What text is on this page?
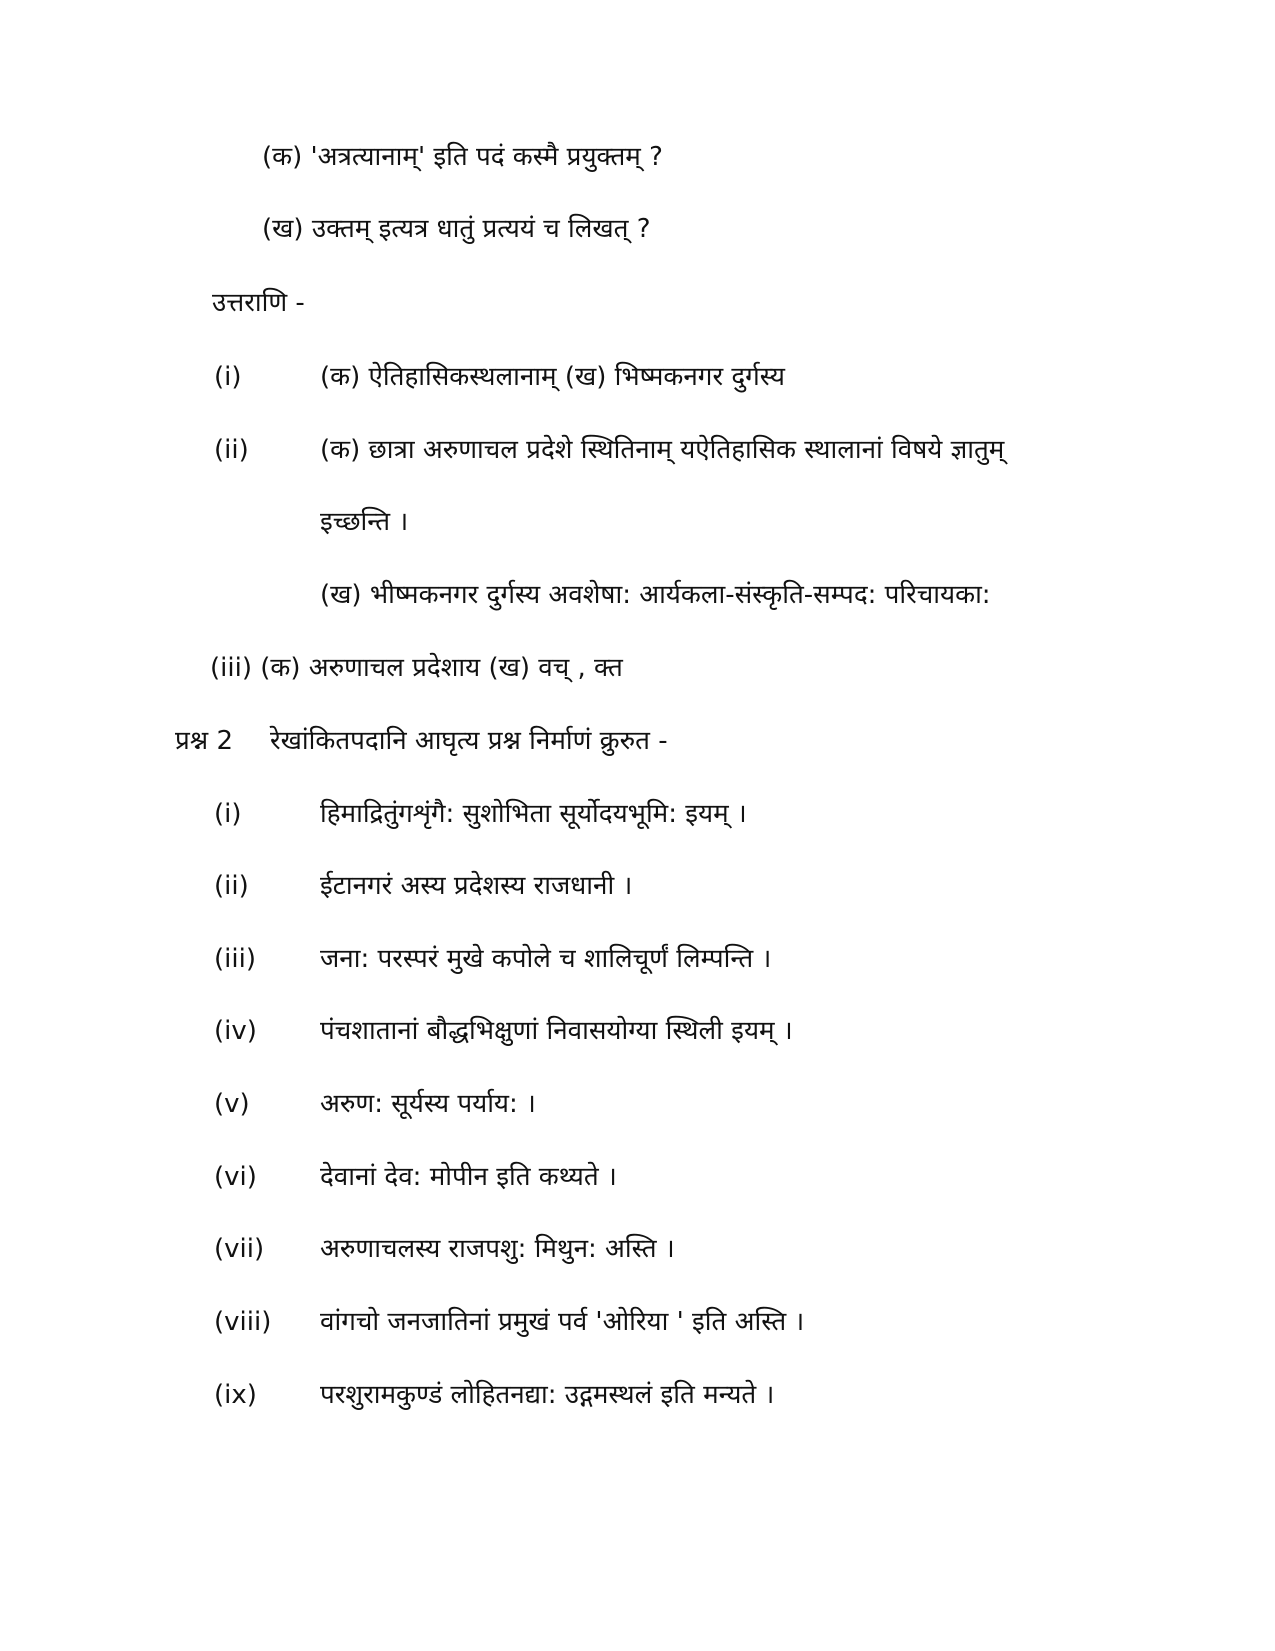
(क) 'अत्रत्यानाम्' इति पदं कस्मै प्रयुक्तम् ?
(ख) उक्तम् इत्यत्र धातुं प्रत्ययं च लिखत् ?
उत्तराणि -
(i)	(क) ऐतिहासिकस्थलानाम् (ख) भिष्मकनगर दुर्गस्य
(ii)	(क) छात्रा अरुणाचल प्रदेशे स्थितिनाम् यऐतिहासिक स्थालानां विषये ज्ञातुम्
इच्छन्ति ।
(ख) भीष्मकनगर दुर्गस्य अवशेषा: आर्यकला-संस्कृति-सम्पद: परिचायका:
(iii) (क) अरुणाचल प्रदेशाय (ख) वच् , क्त
प्रश्न 2 रेखांकितपदानि आघृत्य प्रश्न निर्माणं क्रुरुत -
(i)	हिमाद्रितुंगशृंगै: सुशोभिता सूर्योदयभूमि: इयम् ।
(ii)	ईटानगरं अस्य प्रदेशस्य राजधानी ।
(iii) जना: परस्परं मुखे कपोले च शालिचूर्णं लिम्पन्ति ।
(iv) पंचशातानां बौद्धभिक्षुणां निवासयोग्या स्थिली इयम् ।
(v)	अरुण: सूर्यस्य पर्याय: ।
(vi) देवानां देव: मोपीन इति कथ्यते ।
(vii) अरुणाचलस्य राजपशु: मिथुन: अस्ति ।
(viii) वांगचो जनजातिनां प्रमुखं पर्व 'ओरिया ' इति अस्ति ।
(ix) परशुरामकुण्डं लोहितनद्या: उद्गमस्थलं इति मन्यते ।
